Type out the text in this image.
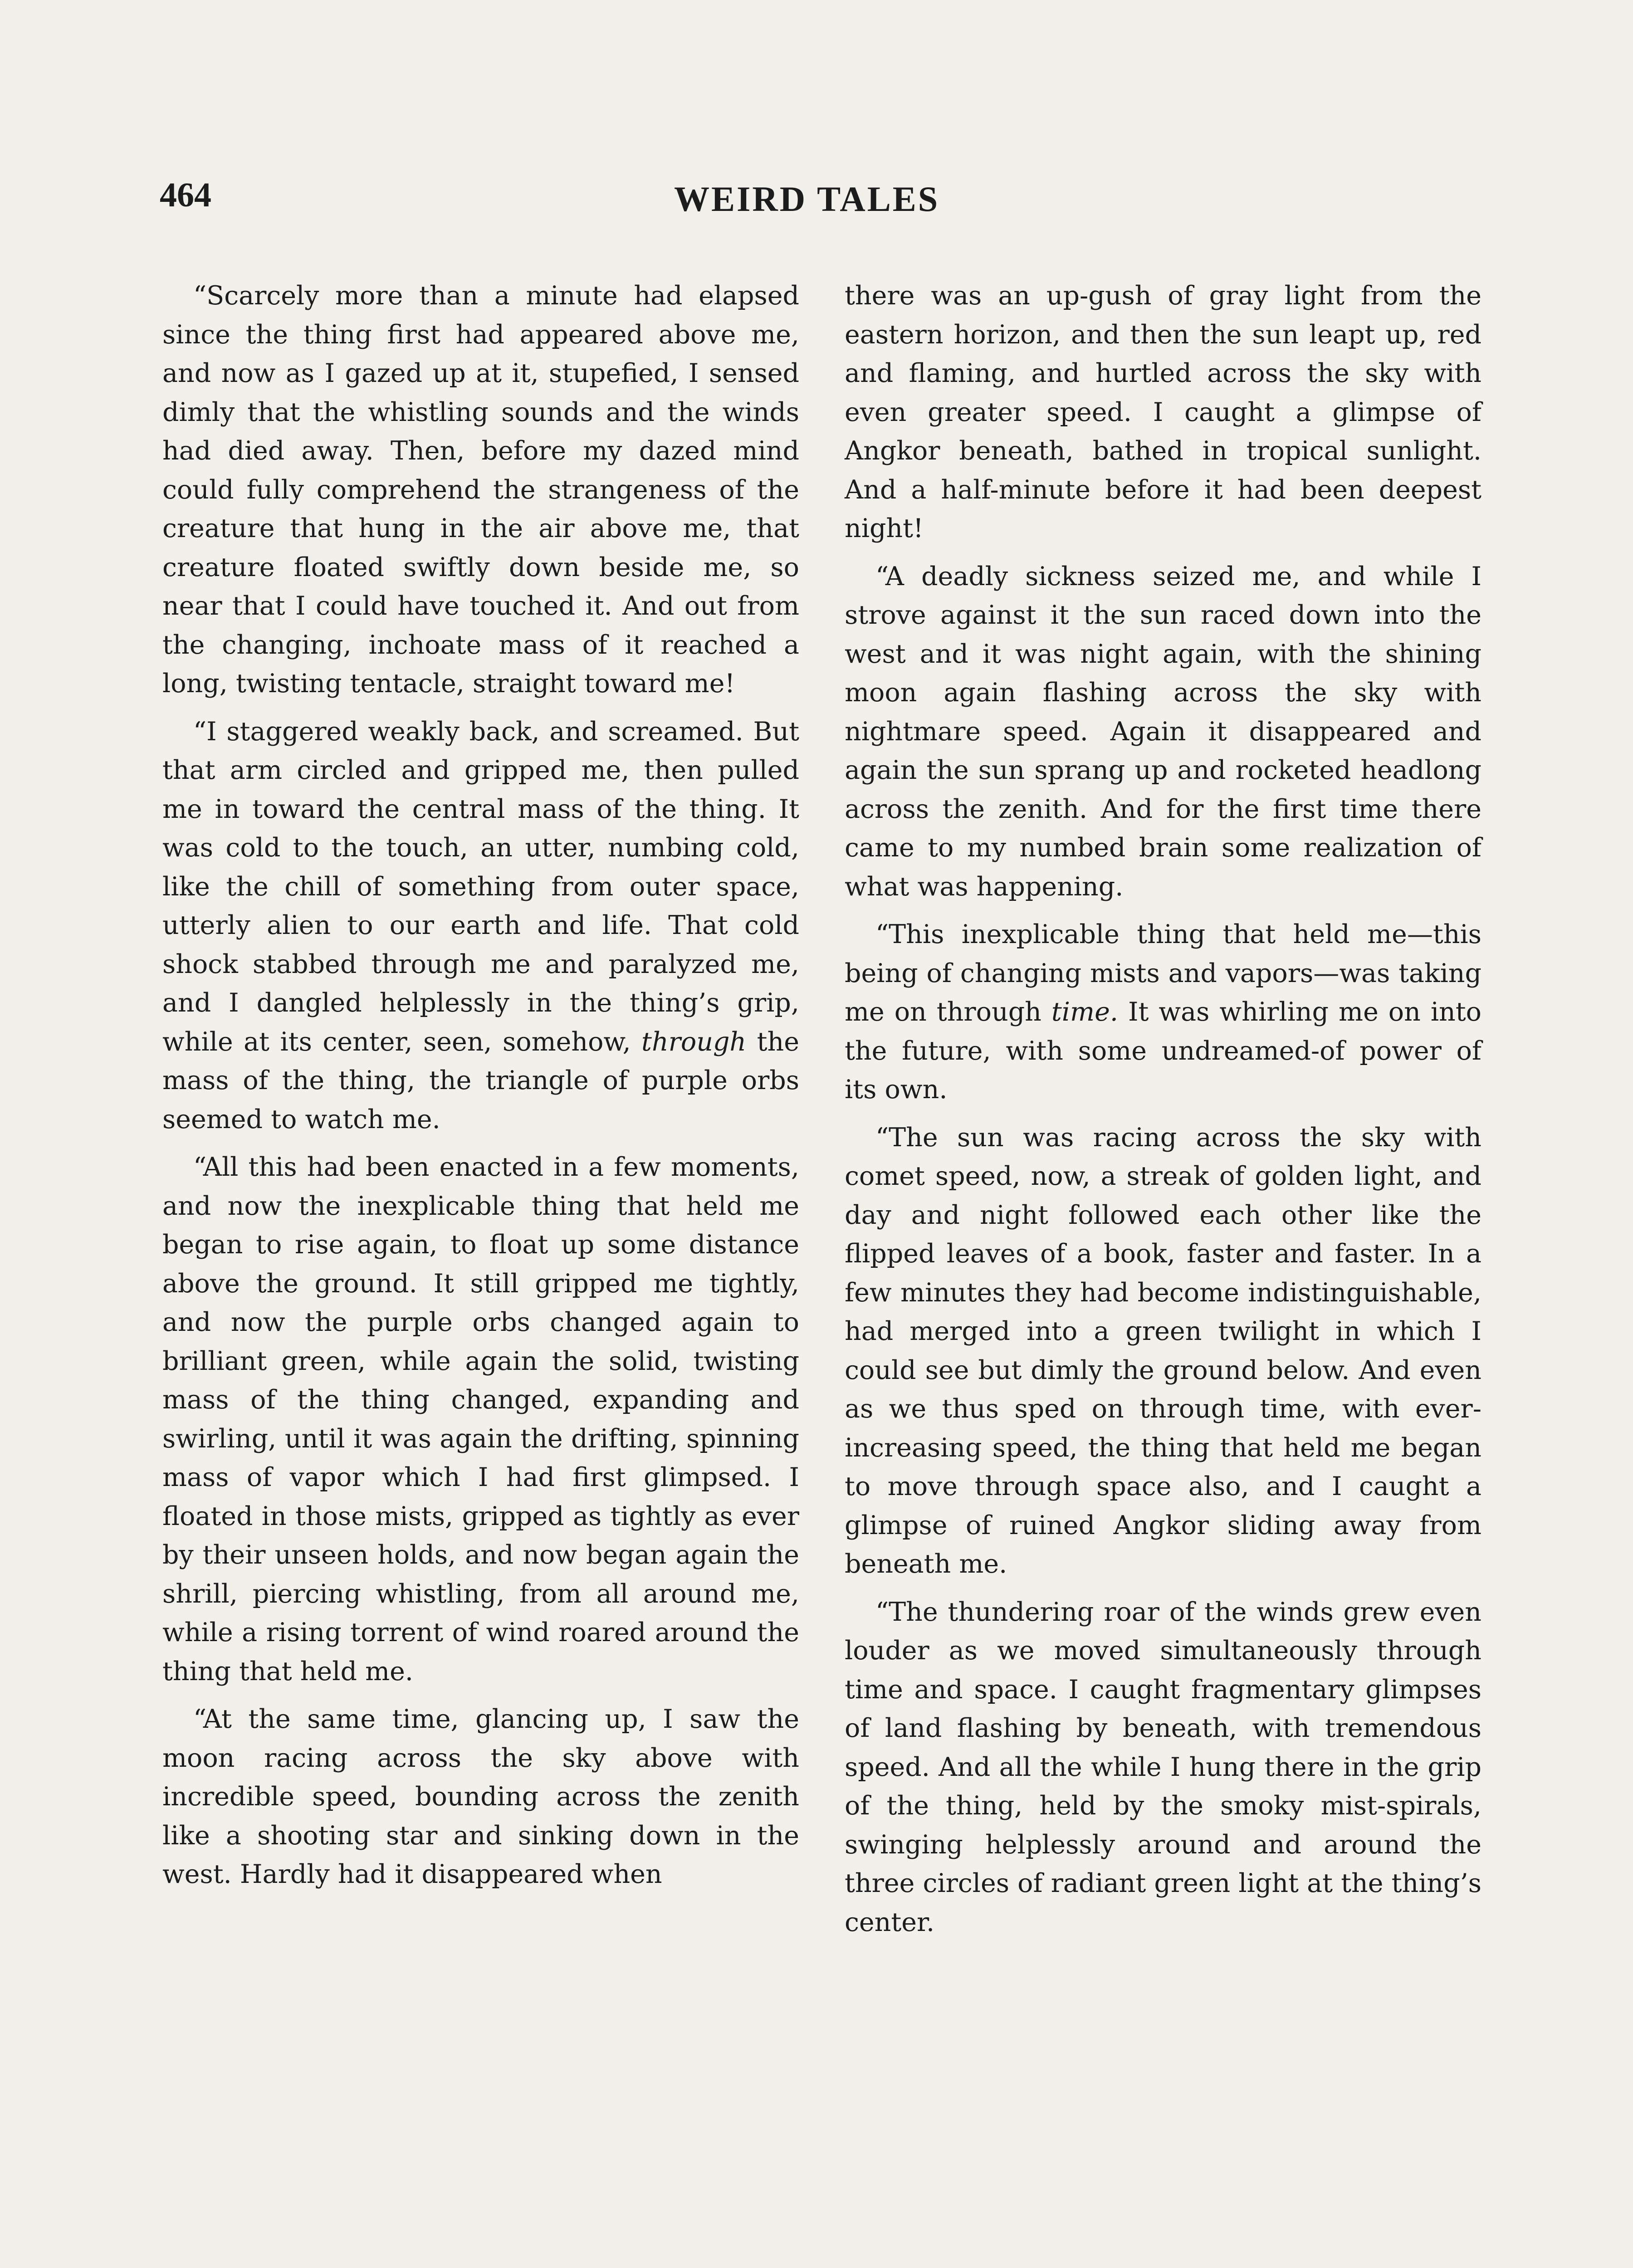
464	WEIRD TALES

“Scarcely more than a minute had elapsed since the thing first had appeared above me, and now as I gazed up at it, stupefied, I sensed dimly that the whistling sounds and the winds had died away. Then, before my dazed mind could fully comprehend the strangeness of the creature that hung in the air above me, that creature floated swiftly down beside me, so near that I could have touched it. And out from the changing, inchoate mass of it reached a long, twisting tentacle, straight toward me!

“I staggered weakly back, and screamed. But that arm circled and gripped me, then pulled me in toward the central mass of the thing. It was cold to the touch, an utter, numbing cold, like the chill of something from outer space, utterly alien to our earth and life. That cold shock stabbed through me and paralyzed me, and I dangled helplessly in the thing’s grip, while at its center, seen, somehow, through the mass of the thing, the triangle of purple orbs seemed to watch me.

“All this had been enacted in a few moments, and now the inexplicable thing that held me began to rise again, to float up some distance above the ground. It still gripped me tightly, and now the purple orbs changed again to brilliant green, while again the solid, twisting mass of the thing changed, expanding and swirling, until it was again the drifting, spinning mass of vapor which I had first glimpsed. I floated in those mists, gripped as tightly as ever by their unseen holds, and now began again the shrill, piercing whistling, from all around me, while a rising torrent of wind roared around the thing that held me.

“At the same time, glancing up, I saw the moon racing across the sky above with incredible speed, bounding across the zenith like a shooting star and sinking down in the west. Hardly had it disappeared when

there was an up-gush of gray light from the eastern horizon, and then the sun leapt up, red and flaming, and hurtled across the sky with even greater speed. I caught a glimpse of Angkor beneath, bathed in tropical sunlight. And a half-minute before it had been deepest night!

“A deadly sickness seized me, and while I strove against it the sun raced down into the west and it was night again, with the shining moon again flashing across the sky with nightmare speed. Again it disappeared and again the sun sprang up and rocketed headlong across the zenith. And for the first time there came to my numbed brain some realization of what was happening.

“This inexplicable thing that held me—this being of changing mists and vapors—was taking me on through time. It was whirling me on into the future, with some undreamed-of power of its own.

“The sun was racing across the sky with comet speed, now, a streak of golden light, and day and night followed each other like the flipped leaves of a book, faster and faster. In a few minutes they had become indistinguishable, had merged into a green twilight in which I could see but dimly the ground below. And even as we thus sped on through time, with ever-increasing speed, the thing that held me began to move through space also, and I caught a glimpse of ruined Angkor sliding away from beneath me.

“The thundering roar of the winds grew even louder as we moved simultaneously through time and space. I caught fragmentary glimpses of land flashing by beneath, with tremendous speed. And all the while I hung there in the grip of the thing, held by the smoky mist-spirals, swinging helplessly around and around the three circles of radiant green light at the thing’s center.
